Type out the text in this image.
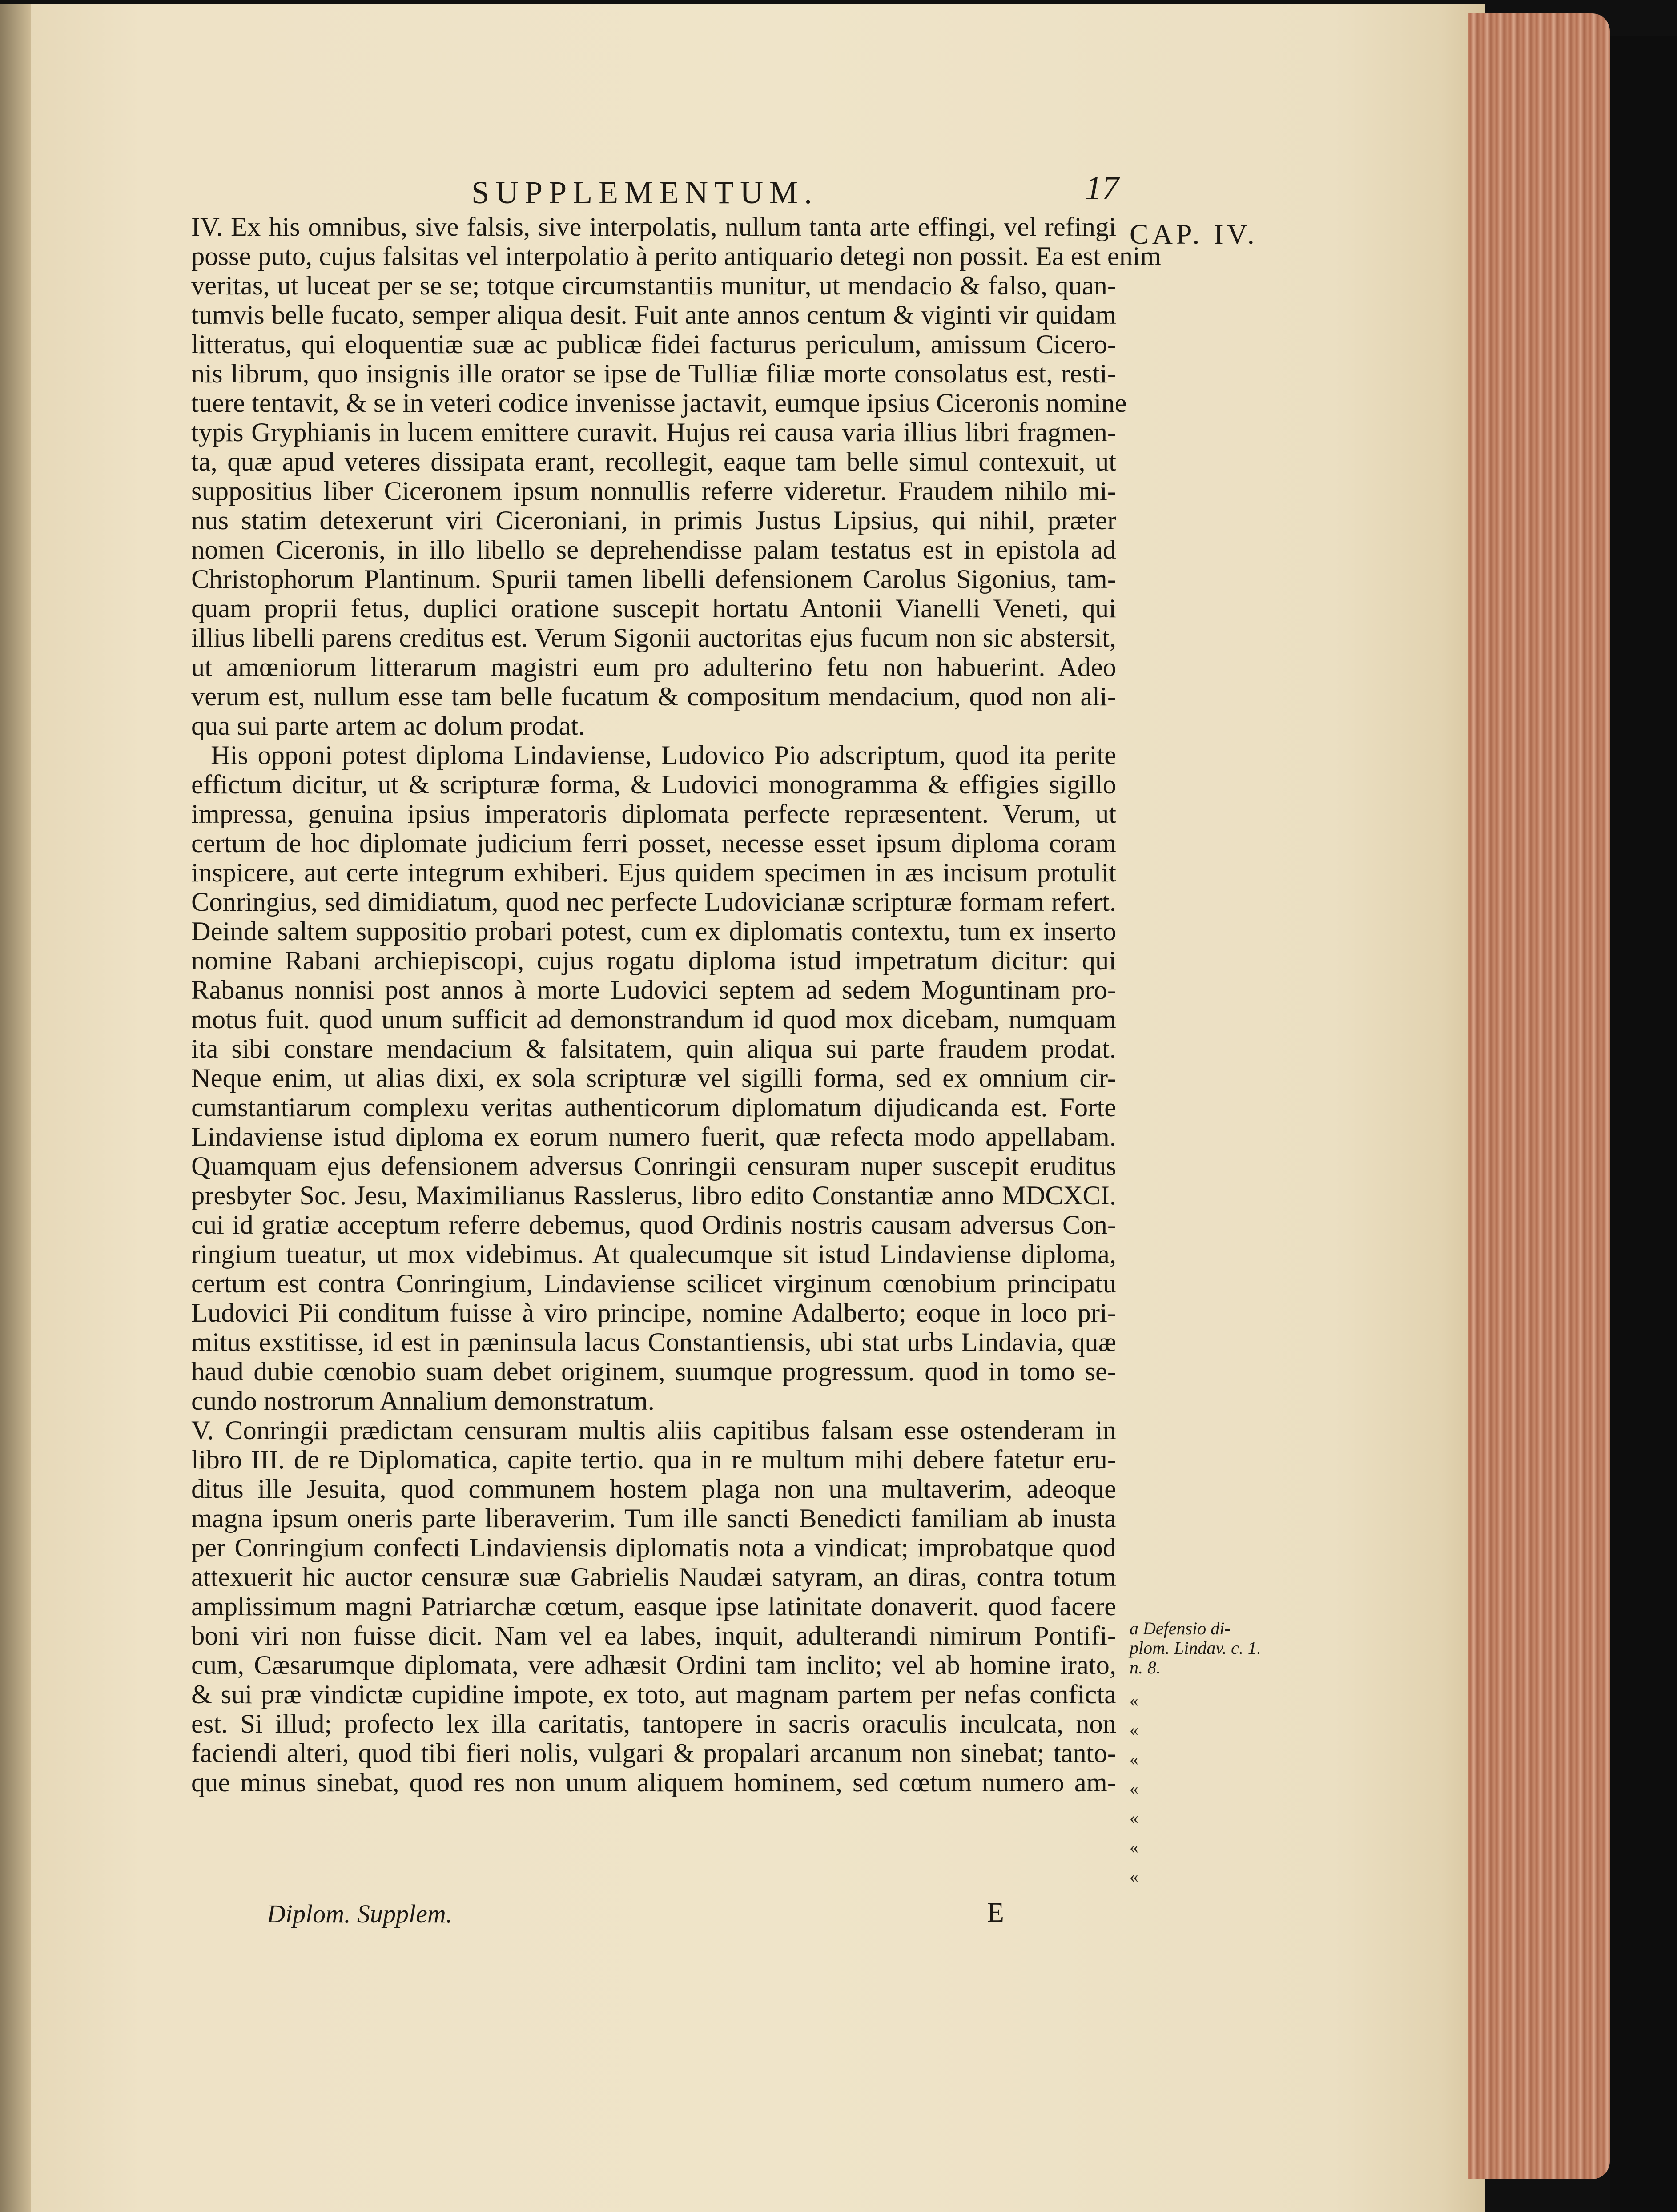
SUPPLEMENTUM.	17
CAP. IV.
IV. Ex his omnibus, sive falsis, sive interpolatis, nullum tanta arte effingi, vel refingi
posse puto, cujus falsitas vel interpolatio à perito antiquario detegi non possit. Ea est enim
veritas, ut luceat per se se; totque circumstantiis munitur, ut mendacio & falso, quan-
tumvis belle fucato, semper aliqua desit. Fuit ante annos centum & viginti vir quidam
litteratus, qui eloquentiæ suæ ac publicæ fidei facturus periculum, amissum Cicero-
nis librum, quo insignis ille orator se ipse de Tulliæ filiæ morte consolatus est, resti-
tuere tentavit, & se in veteri codice invenisse jactavit, eumque ipsius Ciceronis nomine
typis Gryphianis in lucem emittere curavit. Hujus rei causa varia illius libri fragmen-
ta, quæ apud veteres dissipata erant, recollegit, eaque tam belle simul contexuit, ut
suppositius liber Ciceronem ipsum nonnullis referre videretur. Fraudem nihilo mi-
nus statim detexerunt viri Ciceroniani, in primis Justus Lipsius, qui nihil, præter
nomen Ciceronis, in illo libello se deprehendisse palam testatus est in epistola ad
Christophorum Plantinum. Spurii tamen libelli defensionem Carolus Sigonius, tam-
quam proprii fetus, duplici oratione suscepit hortatu Antonii Vianelli Veneti, qui
illius libelli parens creditus est. Verum Sigonii auctoritas ejus fucum non sic abstersit,
ut amœniorum litterarum magistri eum pro adulterino fetu non habuerint. Adeo
verum est, nullum esse tam belle fucatum & compositum mendacium, quod non ali-
qua sui parte artem ac dolum prodat.
His opponi potest diploma Lindaviense, Ludovico Pio adscriptum, quod ita perite
effictum dicitur, ut & scripturæ forma, & Ludovici monogramma & effigies sigillo
impressa, genuina ipsius imperatoris diplomata perfecte repræsentent. Verum, ut
certum de hoc diplomate judicium ferri posset, necesse esset ipsum diploma coram
inspicere, aut certe integrum exhiberi. Ejus quidem specimen in æs incisum protulit
Conringius, sed dimidiatum, quod nec perfecte Ludovicianæ scripturæ formam refert.
Deinde saltem suppositio probari potest, cum ex diplomatis contextu, tum ex inserto
nomine Rabani archiepiscopi, cujus rogatu diploma istud impetratum dicitur: qui
Rabanus nonnisi post annos à morte Ludovici septem ad sedem Moguntinam pro-
motus fuit. quod unum sufficit ad demonstrandum id quod mox dicebam, numquam
ita sibi constare mendacium & falsitatem, quin aliqua sui parte fraudem prodat.
Neque enim, ut alias dixi, ex sola scripturæ vel sigilli forma, sed ex omnium cir-
cumstantiarum complexu veritas authenticorum diplomatum dijudicanda est. Forte
Lindaviense istud diploma ex eorum numero fuerit, quæ refecta modo appellabam.
Quamquam ejus defensionem adversus Conringii censuram nuper suscepit eruditus
presbyter Soc. Jesu, Maximilianus Rasslerus, libro edito Constantiæ anno MDCXCI.
cui id gratiæ acceptum referre debemus, quod Ordinis nostris causam adversus Con-
ringium tueatur, ut mox videbimus. At qualecumque sit istud Lindaviense diploma,
certum est contra Conringium, Lindaviense scilicet virginum cœnobium principatu
Ludovici Pii conditum fuisse à viro principe, nomine Adalberto; eoque in loco pri-
mitus exstitisse, id est in pæninsula lacus Constantiensis, ubi stat urbs Lindavia, quæ
haud dubie cœnobio suam debet originem, suumque progressum. quod in tomo se-
cundo nostrorum Annalium demonstratum.
V. Conringii prædictam censuram multis aliis capitibus falsam esse ostenderam in
libro III. de re Diplomatica, capite tertio. qua in re multum mihi debere fatetur eru-
ditus ille Jesuita, quod communem hostem plaga non una multaverim, adeoque
magna ipsum oneris parte liberaverim. Tum ille sancti Benedicti familiam ab inusta
per Conringium confecti Lindaviensis diplomatis nota a vindicat; improbatque quod
attexuerit hic auctor censuræ suæ Gabrielis Naudæi satyram, an diras, contra totum
amplissimum magni Patriarchæ cœtum, easque ipse latinitate donaverit. quod facere
boni viri non fuisse dicit. Nam vel ea labes, inquit, adulterandi nimirum Pontifi-
cum, Cæsarumque diplomata, vere adhæsit Ordini tam inclito; vel ab homine irato,
& sui præ vindictæ cupidine impote, ex toto, aut magnam partem per nefas conficta
est. Si illud; profecto lex illa caritatis, tantopere in sacris oraculis inculcata, non
faciendi alteri, quod tibi fieri nolis, vulgari & propalari arcanum non sinebat; tanto-
que minus sinebat, quod res non unum aliquem hominem, sed cœtum numero am-
a Defensio di- plom. Lindav. c. 1. n. 8.
«
«
«
«
«
«
«
Diplom. Supplem.	E
